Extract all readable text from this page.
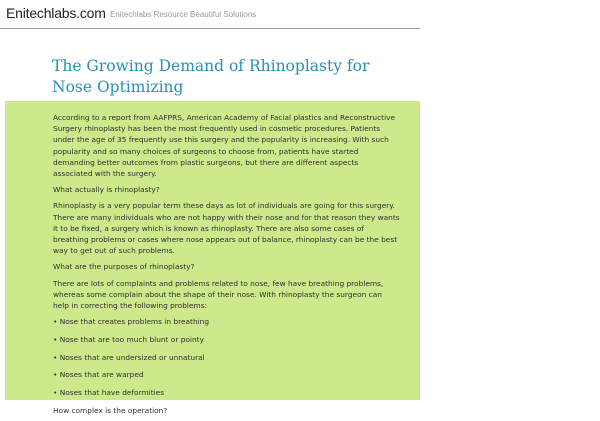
Enitechlabs.com Enitechlabs Resource Beautiful Solutions
The Growing Demand of Rhinoplasty for Nose Optimizing

According to a report from AAFPRS, American Academy of Facial plastics and Reconstructive Surgery rhinoplasty has been the most frequently used in cosmetic procedures. Patients under the age of 35 frequently use this surgery and the popularity is increasing. With such popularity and so many choices of surgeons to choose from, patients have started demanding better outcomes from plastic surgeons, but there are different aspects associated with the surgery.

What actually is rhinoplasty?

Rhinoplasty is a very popular term these days as lot of individuals are going for this surgery. There are many individuals who are not happy with their nose and for that reason they wants it to be fixed, a surgery which is known as rhinoplasty. There are also some cases of breathing problems or cases where nose appears out of balance, rhinoplasty can be the best way to get out of such problems.

What are the purposes of rhinoplasty?

There are lots of complaints and problems related to nose, few have breathing problems, whereas some complain about the shape of their nose. With rhinoplasty the surgeon can help in correcting the following problems:

• Nose that creates problems in breathing
• Nose that are too much blunt or pointy
• Noses that are undersized or unnatural
• Noses that are warped
• Noses that have deformities

How complex is the operation?
